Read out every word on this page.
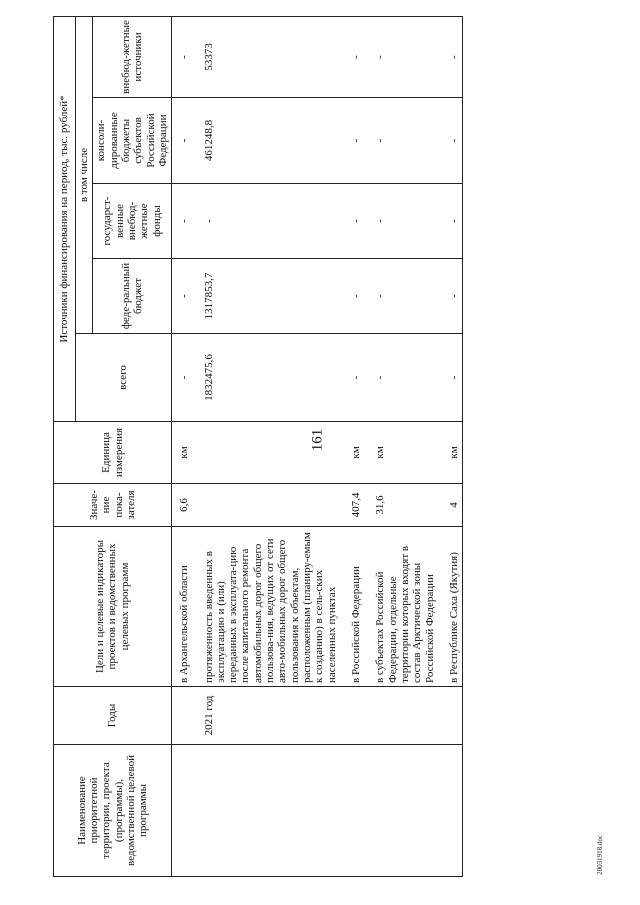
161
Наименование приоритетной территории, проекта (программы), ведомственной целевой программы	Годы	Цели и целевые индикаторы проектов и ведомственных целевых программ	Значе-ние пока-зателя	Единица измерения	Источники финансирования на период, тыс. рублей*				
					всего	в том числе			
						феде-ральный бюджет	государст-венные внебюд-жетные фонды	консоли-дированные бюджеты субъектов Российской Федерации	внебюд-жетные источники
		в Архангельской области	6,6	км	-	-	-	-	-
	2021 год	протяженность введенных в эксплуатацию и (или) переданных в эксплуата-цию после капитального ремонта автомобильных дорог общего пользова-ния, ведущих от сети авто-мобильных дорог общего пользования к объектам, расположенным (планиру-емым к созданию) в сель-ских населенных пунктах			1832475,6	1317853,7	-	461248,8	53373
		в Российской Федерации	407,4	км	-	-	-	-	-
		в субъектах Российской Федерации, отдельные территории которых входят в состав Арктической зоны Российской Федерации	31,6	км	-	-	-	-	-
		в Республике Саха (Якутия)	4	км	-	-	-	-	-
20031918.doc
